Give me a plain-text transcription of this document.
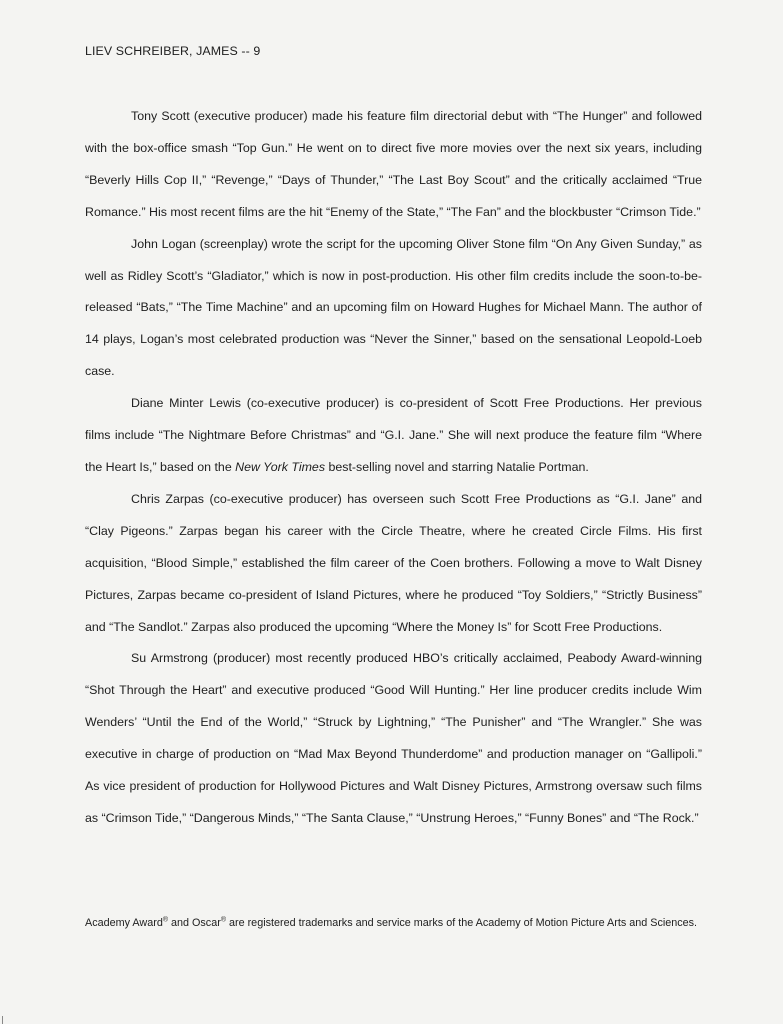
LIEV SCHREIBER, JAMES -- 9

Tony Scott (executive producer) made his feature film directorial debut with “The Hunger” and followed with the box-office smash “Top Gun.” He went on to direct five more movies over the next six years, including “Beverly Hills Cop II,” “Revenge,” “Days of Thunder,” “The Last Boy Scout” and the critically acclaimed “True Romance.” His most recent films are the hit “Enemy of the State,” “The Fan” and the blockbuster “Crimson Tide.”

John Logan (screenplay) wrote the script for the upcoming Oliver Stone film “On Any Given Sunday,” as well as Ridley Scott’s “Gladiator,” which is now in post-production. His other film credits include the soon-to-be-released “Bats,” “The Time Machine” and an upcoming film on Howard Hughes for Michael Mann. The author of 14 plays, Logan’s most celebrated production was “Never the Sinner,” based on the sensational Leopold-Loeb case.

Diane Minter Lewis (co-executive producer) is co-president of Scott Free Productions. Her previous films include “The Nightmare Before Christmas” and “G.I. Jane.” She will next produce the feature film “Where the Heart Is,” based on the New York Times best-selling novel and starring Natalie Portman.

Chris Zarpas (co-executive producer) has overseen such Scott Free Productions as “G.I. Jane” and “Clay Pigeons.” Zarpas began his career with the Circle Theatre, where he created Circle Films. His first acquisition, “Blood Simple,” established the film career of the Coen brothers. Following a move to Walt Disney Pictures, Zarpas became co-president of Island Pictures, where he produced “Toy Soldiers,” “Strictly Business” and “The Sandlot.” Zarpas also produced the upcoming “Where the Money Is” for Scott Free Productions.

Su Armstrong (producer) most recently produced HBO’s critically acclaimed, Peabody Award-winning “Shot Through the Heart” and executive produced “Good Will Hunting.” Her line producer credits include Wim Wenders’ “Until the End of the World,” “Struck by Lightning,” “The Punisher” and “The Wrangler.” She was executive in charge of production on “Mad Max Beyond Thunderdome” and production manager on “Gallipoli.” As vice president of production for Hollywood Pictures and Walt Disney Pictures, Armstrong oversaw such films as “Crimson Tide,” “Dangerous Minds,” “The Santa Clause,” “Unstrung Heroes,” “Funny Bones” and “The Rock.”

Academy Award® and Oscar® are registered trademarks and service marks of the Academy of Motion Picture Arts and Sciences.
